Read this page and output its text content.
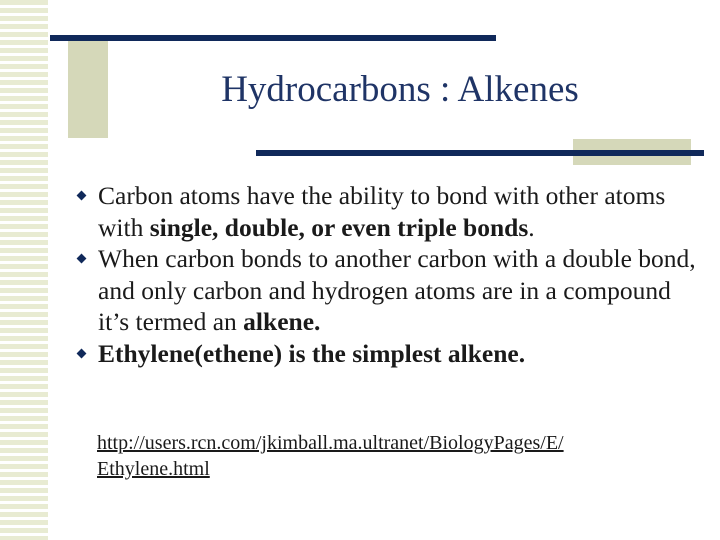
Hydrocarbons : Alkenes
Carbon atoms have the ability to bond with other atoms with single, double, or even triple bonds.
When carbon bonds to another carbon with a double bond, and only carbon and hydrogen atoms are in a compound it’s termed an alkene.
Ethylene(ethene) is the simplest alkene.
http://users.rcn.com/jkimball.ma.ultranet/BiologyPages/E/
Ethylene.html
